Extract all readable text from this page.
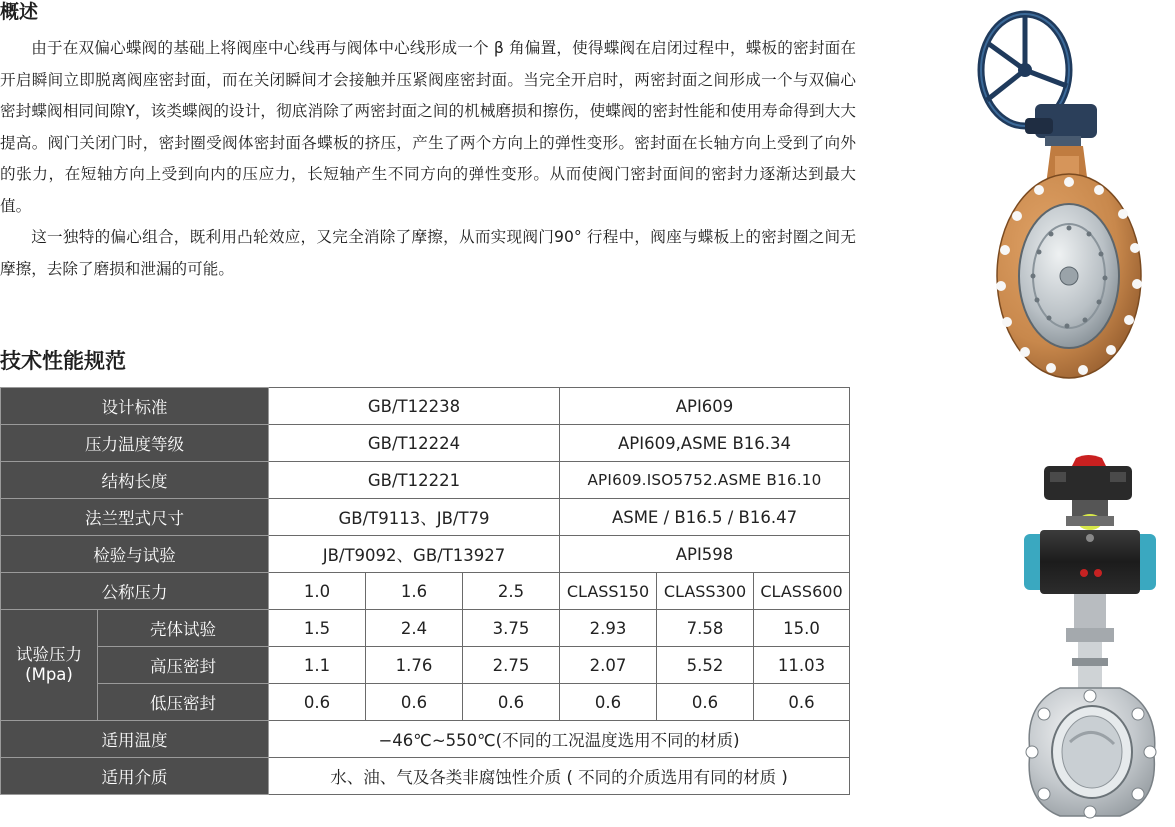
概述

由于在双偏心蝶阀的基础上将阀座中心线再与阀体中心线形成一个 β 角偏置，使得蝶阀在启闭过程中，蝶板的密封面在开启瞬间立即脱离阀座密封面，而在关闭瞬间才会接触并压紧阀座密封面。当完全开启时，两密封面之间形成一个与双偏心密封蝶阀相同间隙Y，该类蝶阀的设计，彻底消除了两密封面之间的机械磨损和擦伤，使蝶阀的密封性能和使用寿命得到大大提高。阀门关闭门时，密封圈受阀体密封面各蝶板的挤压，产生了两个方向上的弹性变形。密封面在长轴方向上受到了向外的张力，在短轴方向上受到向内的压应力，长短轴产生不同方向的弹性变形。从而使阀门密封面间的密封力逐渐达到最大值。

这一独特的偏心组合，既利用凸轮效应，又完全消除了摩擦，从而实现阀门90° 行程中，阀座与蝶板上的密封圈之间无摩擦，去除了磨损和泄漏的可能。

技术性能规范
设计标准		GB/T12238			API609		
压力温度等级		GB/T12224			API609,ASME B16.34		
结构长度		GB/T12221			API609.ISO5752.ASME B16.10		
法兰型式尺寸		GB/T9113、JB/T79			ASME / B16.5 / B16.47		
检验与试验		JB/T9092、GB/T13927			API598		
公称压力		1.0	1.6	2.5	CLASS150	CLASS300	CLASS600

试验压力
(Mpa)	壳体试验	1.5	2.4	3.75	2.93	7.58	15.0
	高压密封	1.1	1.76	2.75	2.07	5.52	11.03
	低压密封	0.6	0.6	0.6	0.6	0.6	0.6
适用温度		−46℃~550℃(不同的工况温度选用不同的材质)					
适用介质		水、油、气及各类非腐蚀性介质 ( 不同的介质选用有同的材质 )					
